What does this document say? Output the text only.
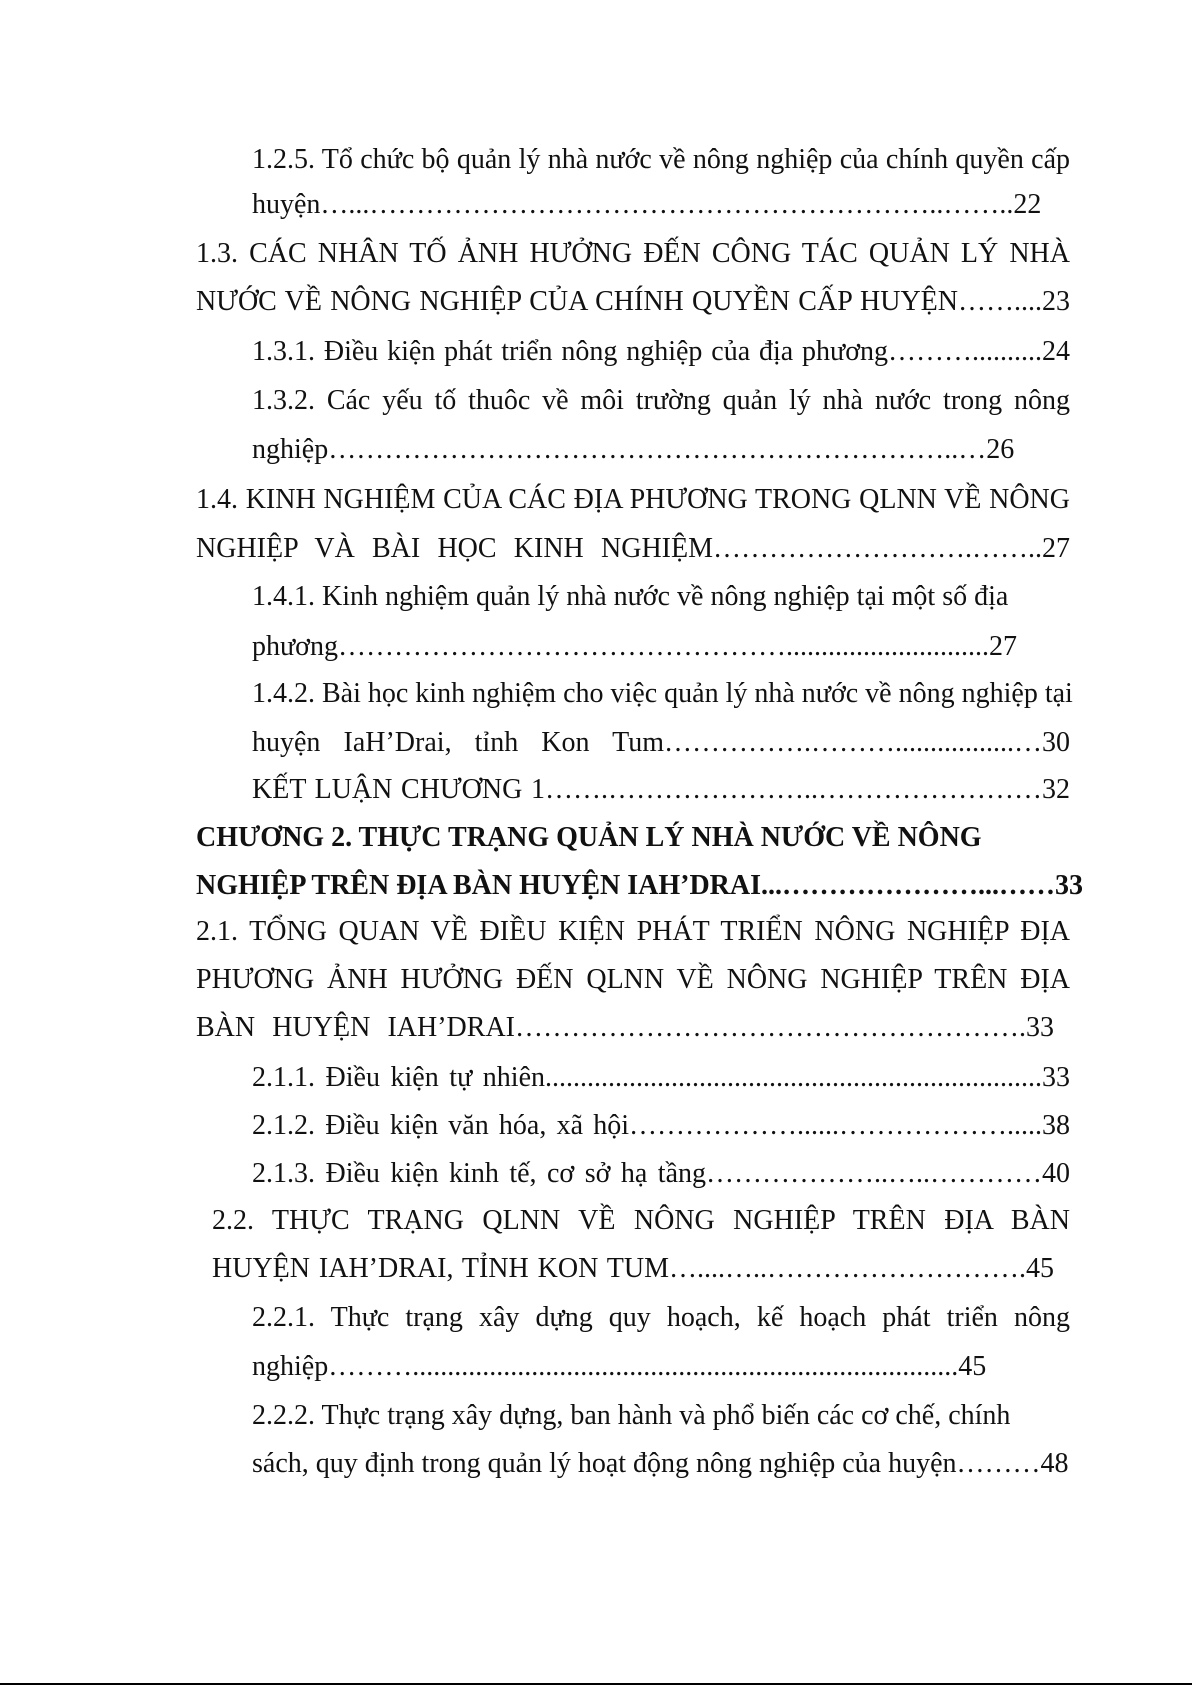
1.2.5. Tổ chức bộ quản lý nhà nước về nông nghiệp của chính quyền cấp
huyện…...……………………………………………………..……..22
1.3. CÁC NHÂN TỐ ẢNH HƯỞNG ĐẾN CÔNG TÁC QUẢN LÝ NHÀ
NƯỚC VỀ NÔNG NGHIỆP CỦA CHÍNH QUYỀN CẤP HUYỆN……....23
1.3.1. Điều kiện phát triển nông nghiệp của địa phương………..........24
1.3.2. Các yếu tố thuôc về môi trường quản lý nhà nước trong nông
nghiệp…………………………………………………………..…26
1.4. KINH NGHIỆM CỦA CÁC ĐỊA PHƯƠNG TRONG QLNN VỀ NÔNG
NGHIỆP VÀ BÀI HỌC KINH NGHIỆM……………………….……..27
1.4.1. Kinh nghiệm quản lý nhà nước về nông nghiệp tại một số địa
phương………………………………………….............................27
1.4.2. Bài học kinh nghiệm cho việc quản lý nhà nước về nông nghiệp tại
huyện IaH’Drai, tỉnh Kon Tum…………….……….................…30
KẾT LUẬN CHƯƠNG 1…….…………………..……………………32
CHƯƠNG 2. THỰC TRẠNG QUẢN LÝ NHÀ NƯỚC VỀ NÔNG
NGHIỆP TRÊN ĐỊA BÀN HUYỆN IAH’DRAI...…………………...……33
2.1. TỔNG QUAN VỀ ĐIỀU KIỆN PHÁT TRIỂN NÔNG NGHIỆP ĐỊA
PHƯƠNG ẢNH HƯỞNG ĐẾN QLNN VỀ NÔNG NGHIỆP TRÊN ĐỊA
BÀN HUYỆN IAH’DRAI……………………………………………….33
2.1.1. Điều kiện tự nhiên.......................................................................33
2.1.2. Điều kiện văn hóa, xã hội………………......……………….....38
2.1.3. Điều kiện kinh tế, cơ sở hạ tầng………………..…..…………40
2.2. THỰC TRẠNG QLNN VỀ NÔNG NGHIỆP TRÊN ĐỊA BÀN
HUYỆN IAH’DRAI, TỈNH KON TUM…....…..……………………….45
2.2.1. Thực trạng xây dựng quy hoạch, kế hoạch phát triển nông
nghiệp………..............................................................................45
2.2.2. Thực trạng xây dựng, ban hành và phổ biến các cơ chế, chính
sách, quy định trong quản lý hoạt động nông nghiệp của huyện………48
